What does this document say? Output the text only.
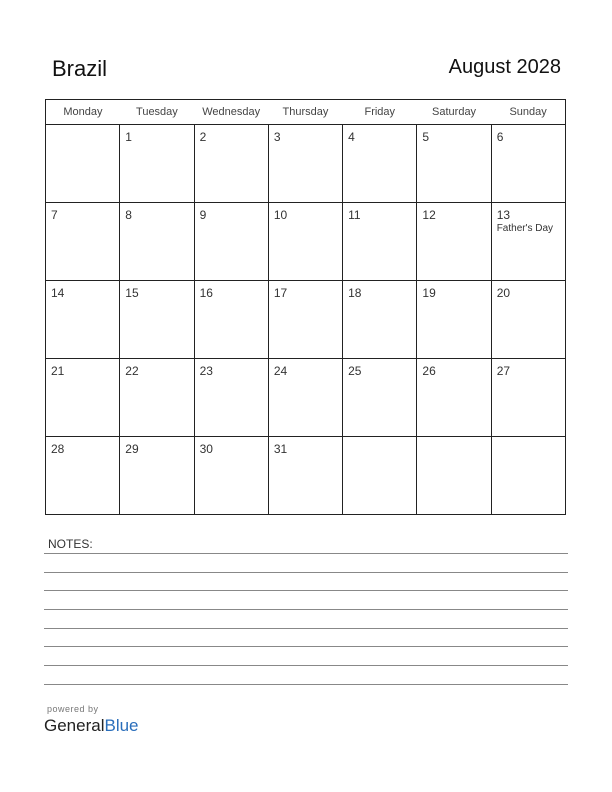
Brazil	August 2028
Monday	Tuesday	Wednesday	Thursday	Friday	Saturday	Sunday

	1	2	3	4	5	6

7	8	9	10	11	12	13
Father's Day

14	15	16	17	18	19	20

21	22	23	24	25	26	27

28	29	30	31			

NOTES:
powered by
GeneralBlue
